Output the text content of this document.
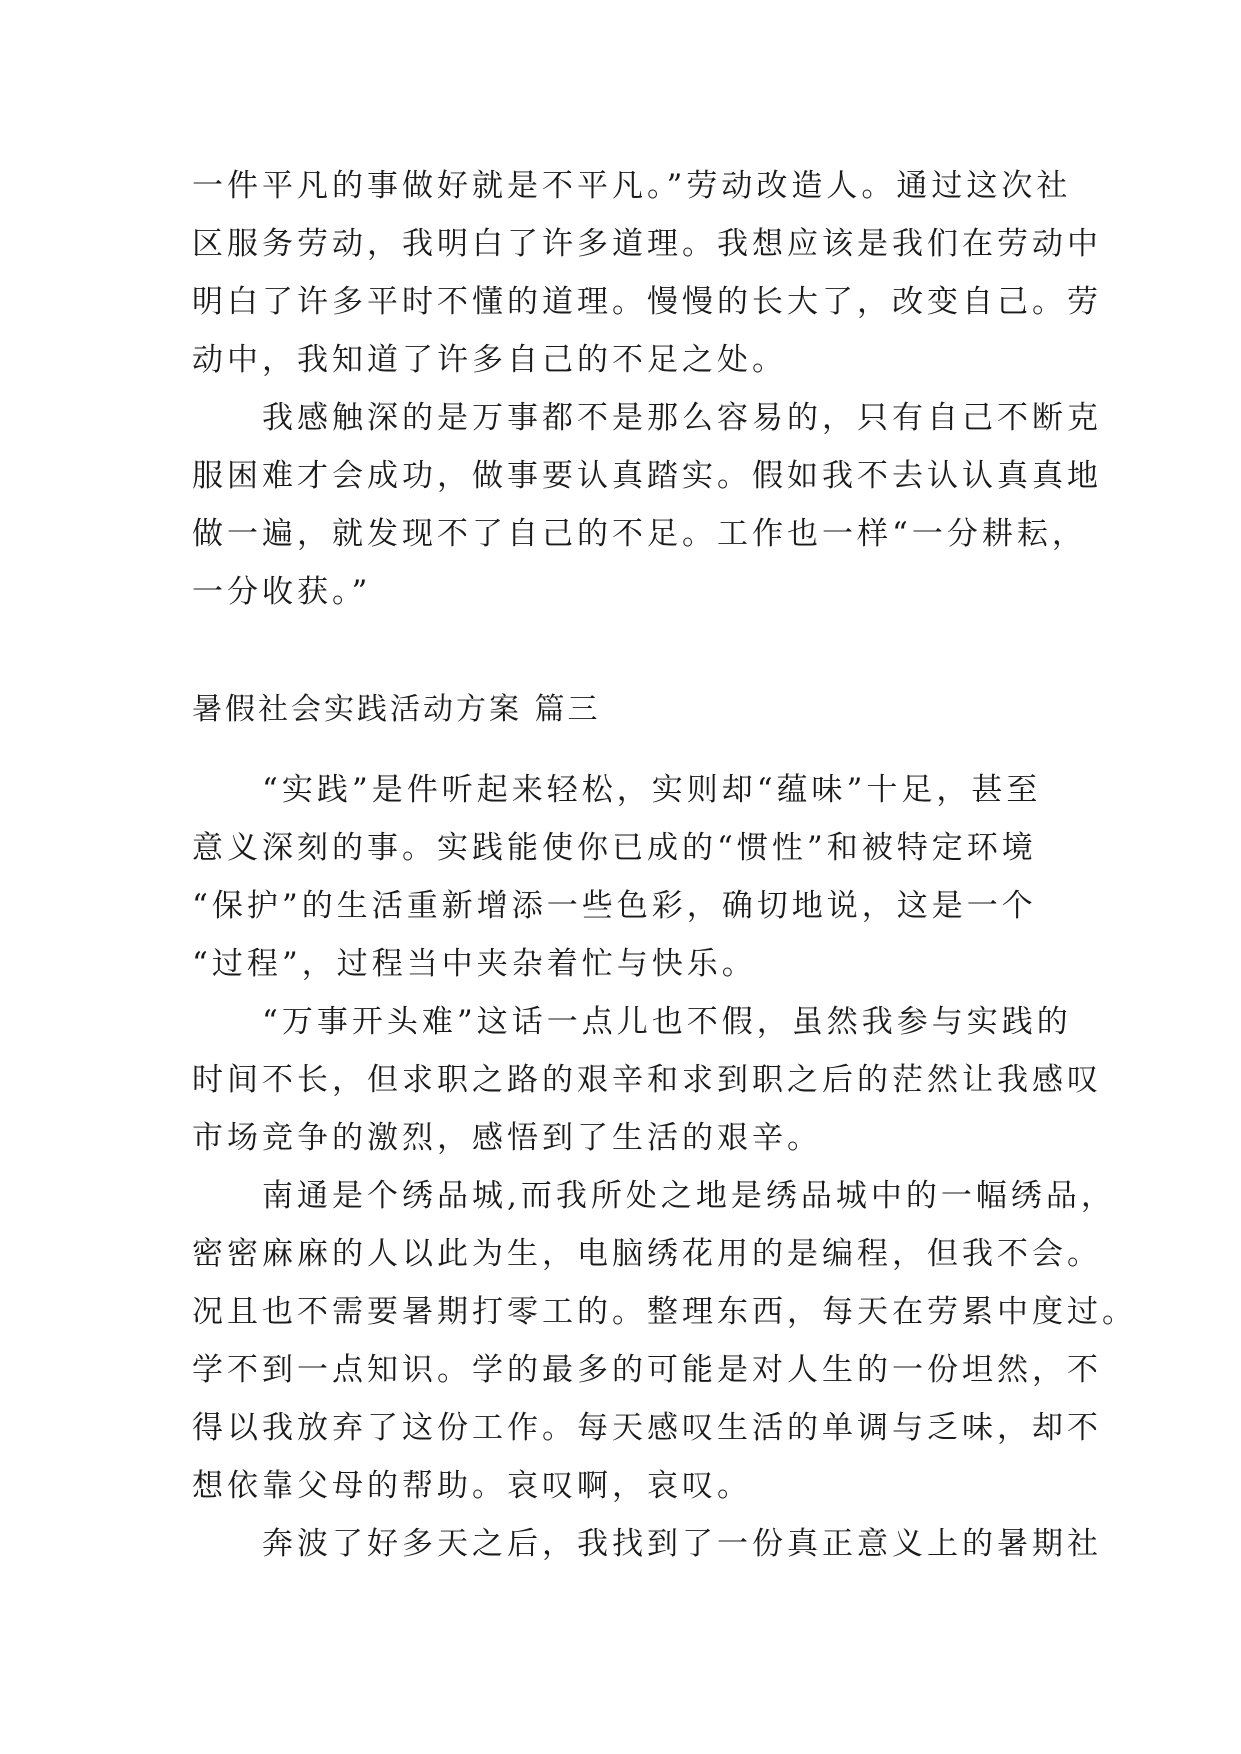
一件平凡的事做好就是不平凡。”劳动改造人。通过这次社
区服务劳动，我明白了许多道理。我想应该是我们在劳动中
明白了许多平时不懂的道理。慢慢的长大了，改变自己。劳
动中，我知道了许多自己的不足之处。
　　我感触深的是万事都不是那么容易的，只有自己不断克
服困难才会成功，做事要认真踏实。假如我不去认认真真地
做一遍，就发现不了自己的不足。工作也一样“一分耕耘，
一分收获。”
暑假社会实践活动方案 篇三
　　“实践”是件听起来轻松，实则却“蕴味”十足，甚至
意义深刻的事。实践能使你已成的“惯性”和被特定环境
“保护”的生活重新增添一些色彩，确切地说，这是一个
“过程”，过程当中夹杂着忙与快乐。
　　“万事开头难”这话一点儿也不假，虽然我参与实践的
时间不长，但求职之路的艰辛和求到职之后的茫然让我感叹
市场竞争的激烈，感悟到了生活的艰辛。
　　南通是个绣品城,而我所处之地是绣品城中的一幅绣品，
密密麻麻的人以此为生，电脑绣花用的是编程，但我不会。
况且也不需要暑期打零工的。整理东西，每天在劳累中度过。
学不到一点知识。学的最多的可能是对人生的一份坦然，不
得以我放弃了这份工作。每天感叹生活的单调与乏味，却不
想依靠父母的帮助。哀叹啊，哀叹。
　　奔波了好多天之后，我找到了一份真正意义上的暑期社
